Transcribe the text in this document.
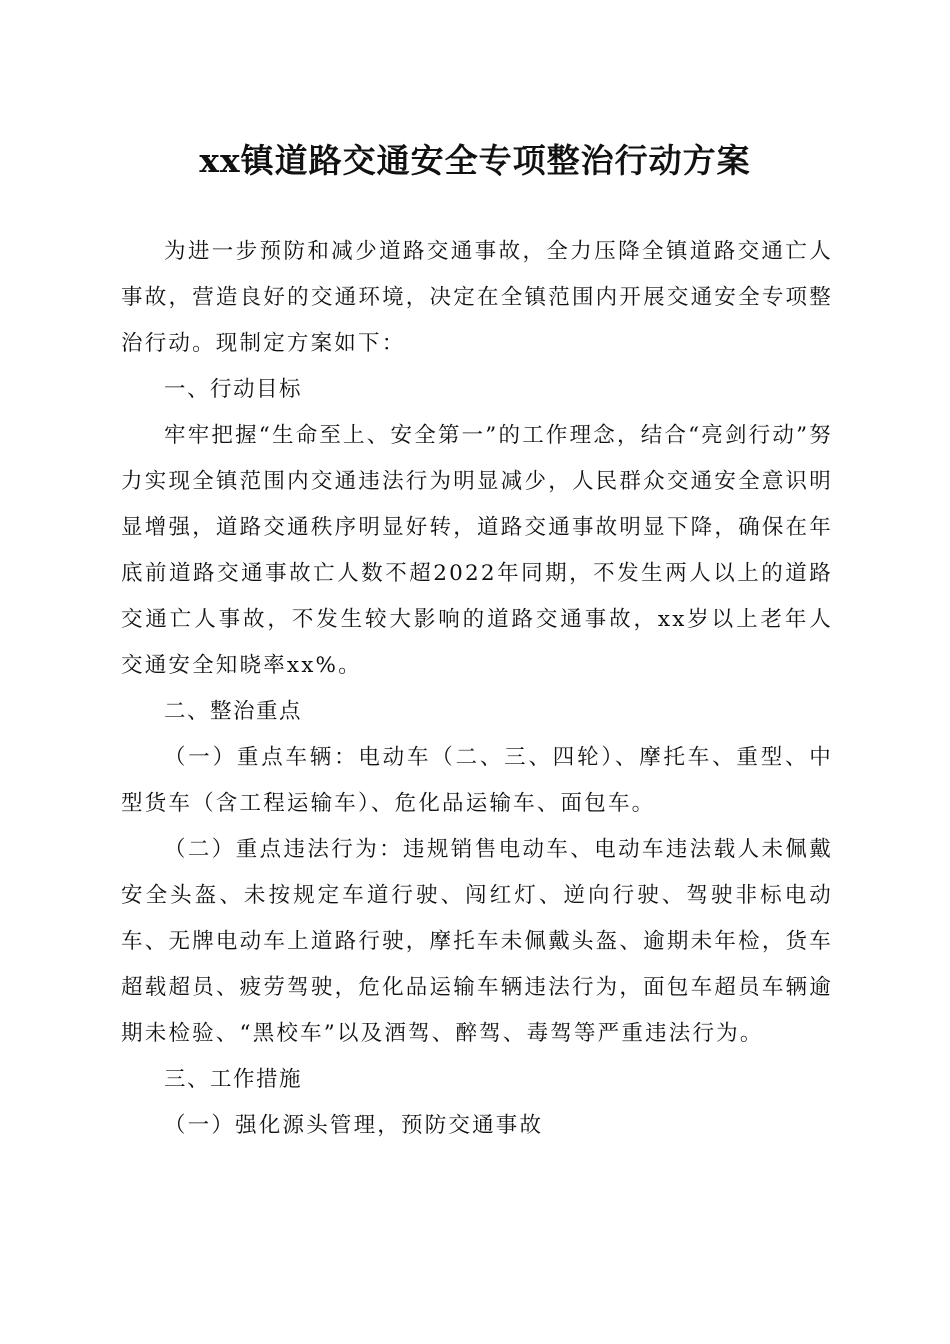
xx镇道路交通安全专项整治行动方案

为进一步预防和减少道路交通事故，全力压降全镇道路交通亡人事故，营造良好的交通环境，决定在全镇范围内开展交通安全专项整治行动。现制定方案如下：

一、行动目标

牢牢把握“生命至上、安全第一”的工作理念，结合“亮剑行动”努力实现全镇范围内交通违法行为明显减少，人民群众交通安全意识明显增强，道路交通秩序明显好转，道路交通事故明显下降，确保在年底前道路交通事故亡人数不超2022年同期，不发生两人以上的道路交通亡人事故，不发生较大影响的道路交通事故，xx岁以上老年人交通安全知晓率xx%。

二、整治重点

（一）重点车辆：电动车（二、三、四轮）、摩托车、重型、中型货车（含工程运输车）、危化品运输车、面包车。

（二）重点违法行为：违规销售电动车、电动车违法载人未佩戴安全头盔、未按规定车道行驶、闯红灯、逆向行驶、驾驶非标电动车、无牌电动车上道路行驶，摩托车未佩戴头盔、逾期未年检，货车超载超员、疲劳驾驶，危化品运输车辆违法行为，面包车超员车辆逾期未检验、“黑校车”以及酒驾、醉驾、毒驾等严重违法行为。

三、工作措施

（一）强化源头管理，预防交通事故
